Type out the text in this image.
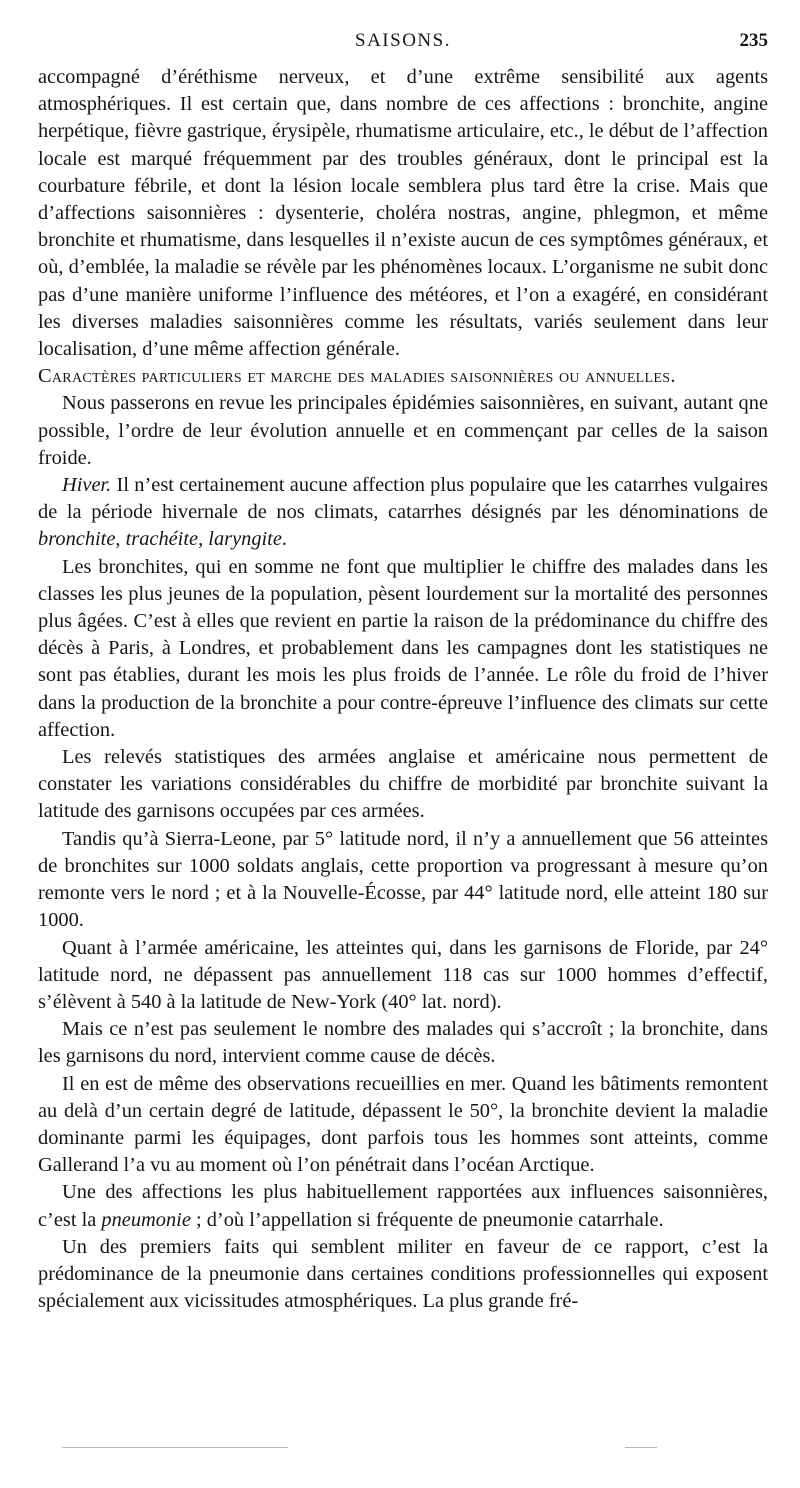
SAISONS.	235

accompagné d’éréthisme nerveux, et d’une extrême sensibilité aux agents atmosphériques. Il est certain que, dans nombre de ces affections : bronchite, angine herpétique, fièvre gastrique, érysipèle, rhumatisme articulaire, etc., le début de l’affection locale est marqué fréquemment par des troubles généraux, dont le principal est la courbature fébrile, et dont la lésion locale semblera plus tard être la crise. Mais que d’affections saisonnières : dysenterie, choléra nostras, angine, phlegmon, et même bronchite et rhumatisme, dans lesquelles il n’existe aucun de ces symptômes généraux, et où, d’emblée, la maladie se révèle par les phénomènes locaux. L’organisme ne subit donc pas d’une manière uniforme l’influence des météores, et l’on a exagéré, en considérant les diverses maladies saisonnières comme les résultats, variés seulement dans leur localisation, d’une même affection générale.

Caractères particuliers et marche des maladies saisonnières ou annuelles.

Nous passerons en revue les principales épidémies saisonnières, en suivant, autant qne possible, l’ordre de leur évolution annuelle et en commençant par celles de la saison froide.

Hiver. Il n’est certainement aucune affection plus populaire que les catarrhes vulgaires de la période hivernale de nos climats, catarrhes désignés par les dénominations de bronchite, trachéite, laryngite.

Les bronchites, qui en somme ne font que multiplier le chiffre des malades dans les classes les plus jeunes de la population, pèsent lourdement sur la mortalité des personnes plus âgées. C’est à elles que revient en partie la raison de la prédominance du chiffre des décès à Paris, à Londres, et probablement dans les campagnes dont les statistiques ne sont pas établies, durant les mois les plus froids de l’année. Le rôle du froid de l’hiver dans la production de la bronchite a pour contre-épreuve l’influence des climats sur cette affection.

Les relevés statistiques des armées anglaise et américaine nous permettent de constater les variations considérables du chiffre de morbidité par bronchite suivant la latitude des garnisons occupées par ces armées.

Tandis qu’à Sierra-Leone, par 5° latitude nord, il n’y a annuellement que 56 atteintes de bronchites sur 1000 soldats anglais, cette proportion va progressant à mesure qu’on remonte vers le nord ; et à la Nouvelle-Écosse, par 44° latitude nord, elle atteint 180 sur 1000.

Quant à l’armée américaine, les atteintes qui, dans les garnisons de Floride, par 24° latitude nord, ne dépassent pas annuellement 118 cas sur 1000 hommes d’effectif, s’élèvent à 540 à la latitude de New-York (40° lat. nord).

Mais ce n’est pas seulement le nombre des malades qui s’accroît ; la bronchite, dans les garnisons du nord, intervient comme cause de décès.

Il en est de même des observations recueillies en mer. Quand les bâtiments remontent au delà d’un certain degré de latitude, dépassent le 50°, la bronchite devient la maladie dominante parmi les équipages, dont parfois tous les hommes sont atteints, comme Gallerand l’a vu au moment où l’on pénétrait dans l’océan Arctique.

Une des affections les plus habituellement rapportées aux influences saisonnières, c’est la pneumonie ; d’où l’appellation si fréquente de pneumonie catarrhale.

Un des premiers faits qui semblent militer en faveur de ce rapport, c’est la prédominance de la pneumonie dans certaines conditions professionnelles qui exposent spécialement aux vicissitudes atmosphériques. La plus grande fré-
